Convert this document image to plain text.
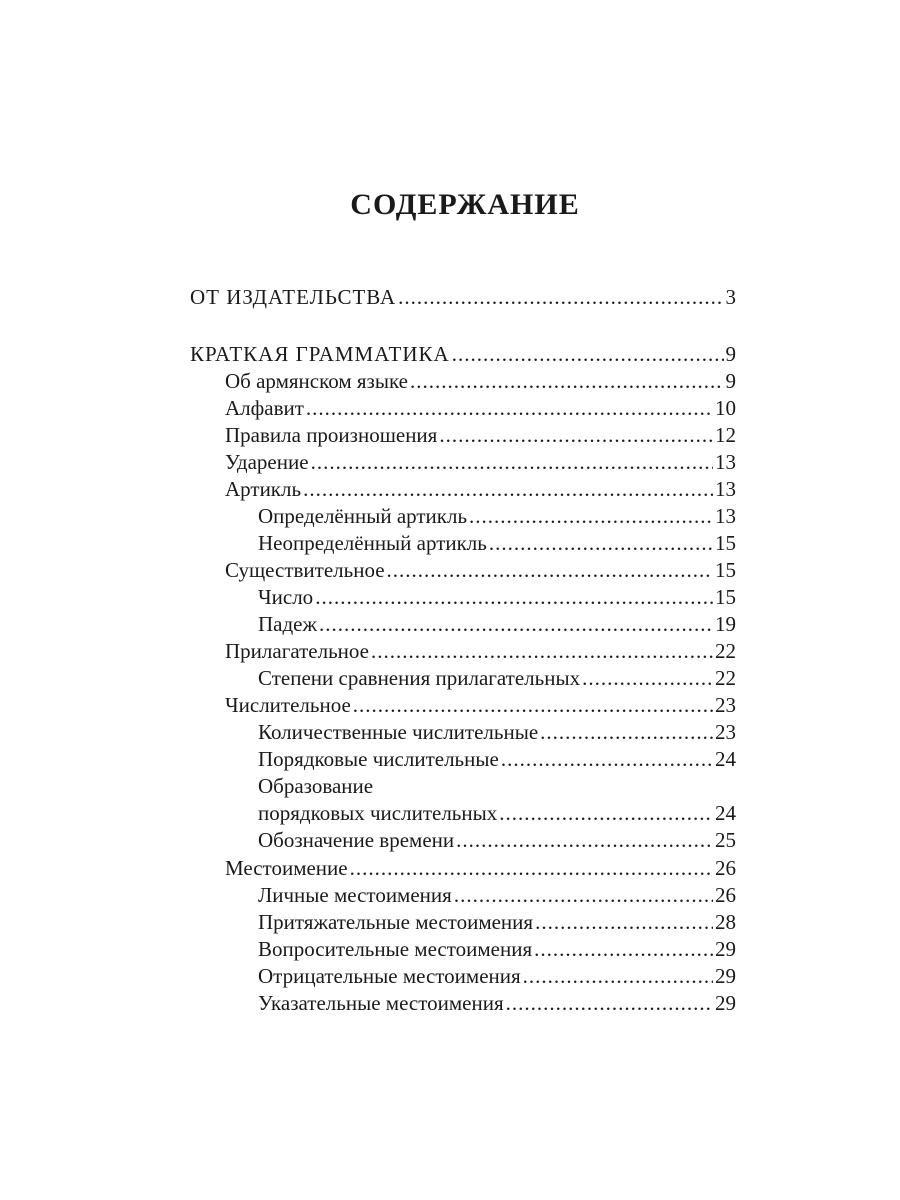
СОДЕРЖАНИЕ
ОТ ИЗДАТЕЛЬСТВА .....	3
КРАТКАЯ ГРАММАТИКА .....	9
Об армянском языке .....	9
Алфавит .....	10
Правила произношения .....	12
Ударение .....	13
Артикль .....	13
Определённый артикль .....	13
Неопределённый артикль .....	15
Существительное .....	15
Число .....	15
Падеж .....	19
Прилагательное .....	22
Степени сравнения прилагательных .....	22
Числительное .....	23
Количественные числительные .....	23
Порядковые числительные .....	24
Образование
порядковых числительных .....	24
Обозначение времени .....	25
Местоимение .....	26
Личные местоимения .....	26
Притяжательные местоимения .....	28
Вопросительные местоимения .....	29
Отрицательные местоимения .....	29
Указательные местоимения .....	29
